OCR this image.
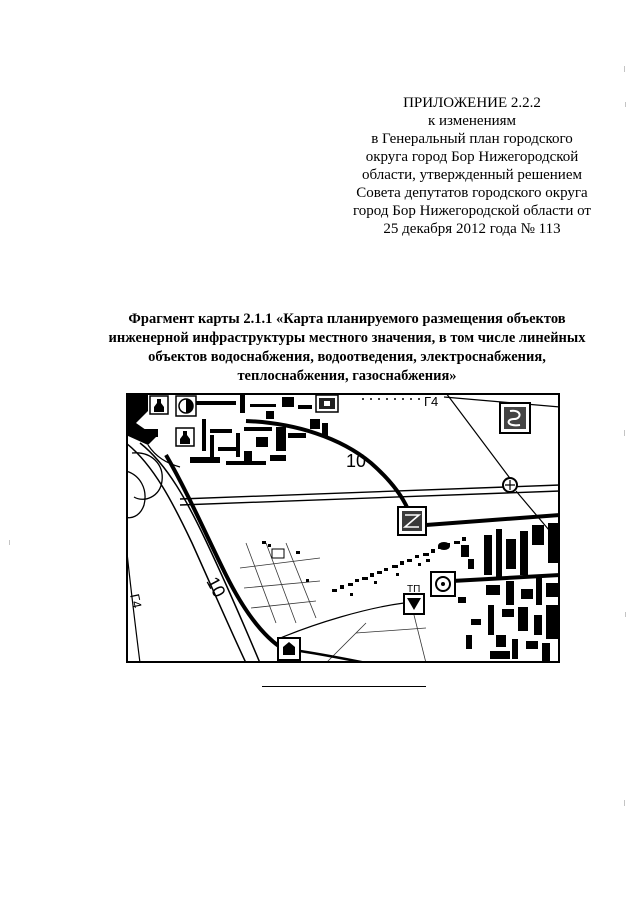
ПРИЛОЖЕНИЕ 2.2.2
к изменениям
в Генеральный план городского
округа город Бор Нижегородской
области, утвержденный решением
Совета депутатов городского округа
город Бор Нижегородской области от
25 декабря 2012 года № 113
Фрагмент карты 2.1.1 «Карта планируемого размещения объектов
инженерной инфраструктуры местного значения, в том числе линейных
объектов водоснабжения, водоотведения, электроснабжения,
теплоснабжения, газоснабжения»
10
Г4
10
Г4
ТП
